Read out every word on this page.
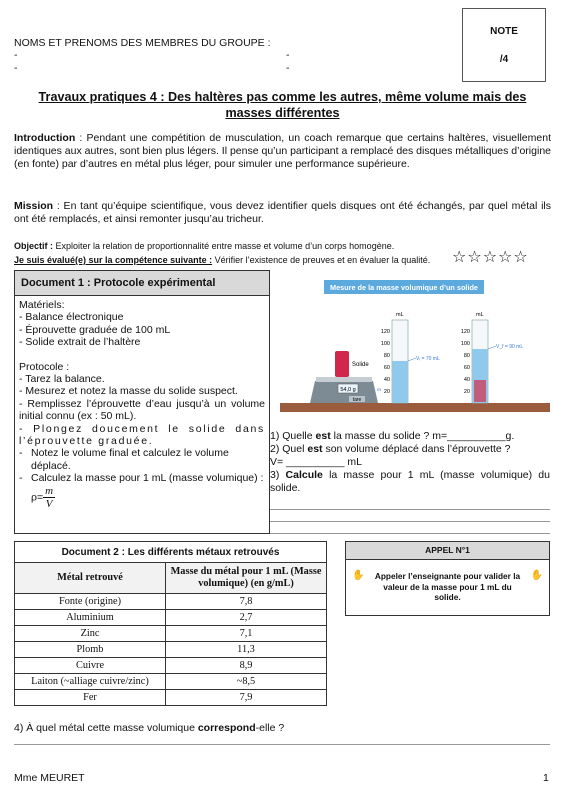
NOMS ET PRENOMS DES MEMBRES DU GROUPE :
-	-
-	-
NOTE
/4
Travaux pratiques 4 : Des haltères pas comme les autres, même volume mais des masses différentes
Introduction : Pendant une compétition de musculation, un coach remarque que certains haltères, visuellement identiques aux autres, sont bien plus légers. Il pense qu’un participant a remplacé des disques métalliques d’origine (en fonte) par d’autres en métal plus léger, pour simuler une performance supérieure.
Mission : En tant qu’équipe scientifique, vous devez identifier quels disques ont été échangés, par quel métal ils ont été remplacés, et ainsi remonter jusqu’au tricheur.
Objectif : Exploiter la relation de proportionnalité entre masse et volume d’un corps homogène.
Je suis évalué(e) sur la compétence suivante : Vérifier l’existence de preuves et en évaluer la qualité. ☆☆☆☆☆
Document 1 : Protocole expérimental
Matériels:
- Balance électronique
- Éprouvette graduée de 100 mL
- Solide extrait de l’haltère
Protocole :
- Tarez la balance.
- Mesurez et notez la masse du solide suspect.
- Remplissez l’éprouvette d’eau jusqu’à un volume initial connu (ex : 50 mL).
- Plongez doucement le solide dans l’éprouvette graduée.
- Notez le volume final et calculez le volume déplacé.
- Calculez la masse pour 1 mL (masse volumique) : $\rho= \frac{m}{V}$
Mesure de la masse volumique d’un solide
54,0 g
tare
m
Solide
mL
120
100
80
60
40
20
Vᵢ = 70 mL
mL
120
100
80
60
40
20
V_f = 90 mL
1) Quelle est la masse du solide ? m=__________g.
2) Quel est son volume déplacé dans l’éprouvette ?
V= __________ mL
3) Calcule la masse pour 1 mL (masse volumique) du solide.
Document 2 : Les différents métaux retrouvés	
Métal retrouvé	Masse du métal pour 1 mL (Masse volumique) (en g/mL)
Fonte (origine)	7,8
Aluminium	2,7
Zinc	7,1
Plomb	11,3
Cuivre	8,9
Laiton (~alliage cuivre/zinc)	~8,5
Fer	7,9
APPEL N°1
✋	Appeler l’enseignante pour valider la valeur de la masse pour 1 mL du solide.
✋
4) À quel métal cette masse volumique correspond-elle ?
Mme MEURET	1
